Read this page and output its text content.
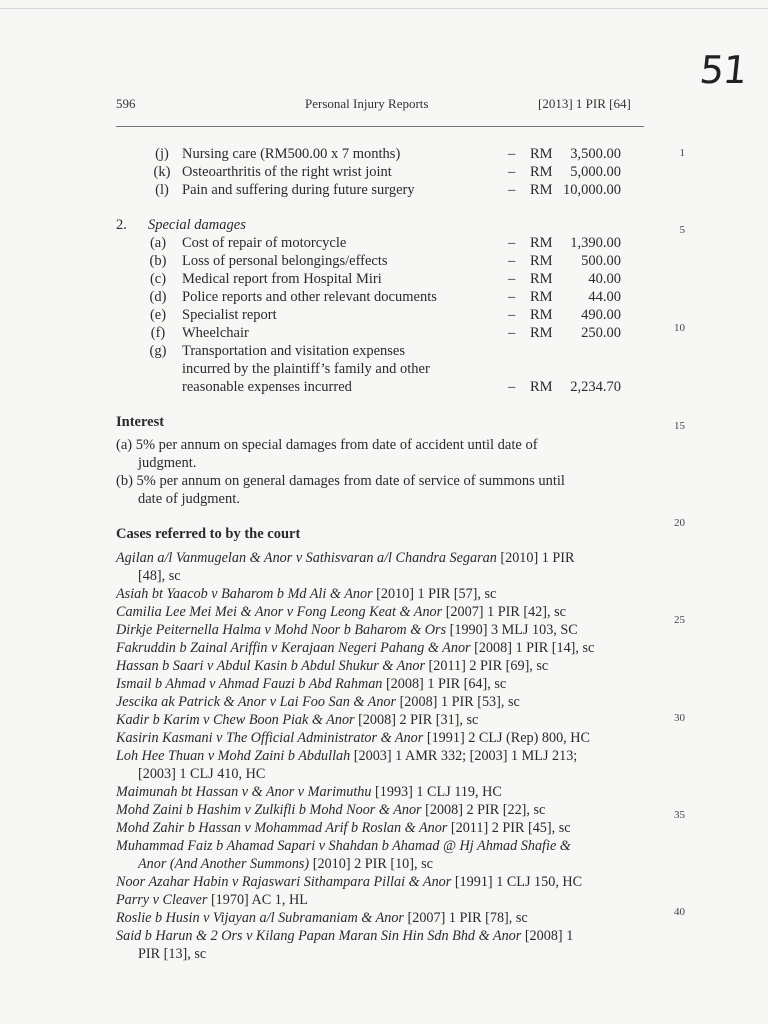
51
596	Personal Injury Reports	[2013] 1 PIR [64]
1
5
10
15
20
25
30
35
40
(j) Nursing care (RM500.00 x 7 months)	– RM	3,500.00
(k) Osteoarthritis of the right wrist joint	– RM	5,000.00
(l) Pain and suffering during future surgery	– RM 10,000.00
2. Special damages
(a)	Cost of repair of motorcycle	– RM	1,390.00
(b)	Loss of personal belongings/effects	– RM	500.00
(c)	Medical report from Hospital Miri	– RM	40.00
(d)	Police reports and other relevant documents	– RM	44.00
(e)	Specialist report	– RM	490.00
(f)	Wheelchair	– RM	250.00
(g)	Transportation and visitation expenses
incurred by the plaintiff’s family and other
reasonable expenses incurred	– RM	2,234.70
Interest
(a) 5% per annum on special damages from date of accident until date of
judgment.
(b) 5% per annum on general damages from date of service of summons until
date of judgment.
Cases referred to by the court
Agilan a/l Vanmugelan & Anor v Sathisvaran a/l Chandra Segaran [2010] 1 PIR
[48], sc
Asiah bt Yaacob v Baharom b Md Ali & Anor [2010] 1 PIR [57], sc
Camilia Lee Mei Mei & Anor v Fong Leong Keat & Anor [2007] 1 PIR [42], sc
Dirkje Peiternella Halma v Mohd Noor b Baharom & Ors [1990] 3 MLJ 103, SC
Fakruddin b Zainal Ariffin v Kerajaan Negeri Pahang & Anor [2008] 1 PIR [14], sc
Hassan b Saari v Abdul Kasin b Abdul Shukur & Anor [2011] 2 PIR [69], sc
Ismail b Ahmad v Ahmad Fauzi b Abd Rahman [2008] 1 PIR [64], sc
Jescika ak Patrick & Anor v Lai Foo San & Anor [2008] 1 PIR [53], sc
Kadir b Karim v Chew Boon Piak & Anor [2008] 2 PIR [31], sc
Kasirin Kasmani v The Official Administrator & Anor [1991] 2 CLJ (Rep) 800, HC
Loh Hee Thuan v Mohd Zaini b Abdullah [2003] 1 AMR 332; [2003] 1 MLJ 213;
[2003] 1 CLJ 410, HC
Maimunah bt Hassan v & Anor v Marimuthu [1993] 1 CLJ 119, HC
Mohd Zaini b Hashim v Zulkifli b Mohd Noor & Anor [2008] 2 PIR [22], sc
Mohd Zahir b Hassan v Mohammad Arif b Roslan & Anor [2011] 2 PIR [45], sc
Muhammad Faiz b Ahamad Sapari v Shahdan b Ahamad @ Hj Ahmad Shafie &
Anor (And Another Summons) [2010] 2 PIR [10], sc
Noor Azahar Habin v Rajaswari Sithampara Pillai & Anor [1991] 1 CLJ 150, HC
Parry v Cleaver [1970] AC 1, HL
Roslie b Husin v Vijayan a/l Subramaniam & Anor [2007] 1 PIR [78], sc
Said b Harun & 2 Ors v Kilang Papan Maran Sin Hin Sdn Bhd & Anor [2008] 1
PIR [13], sc
